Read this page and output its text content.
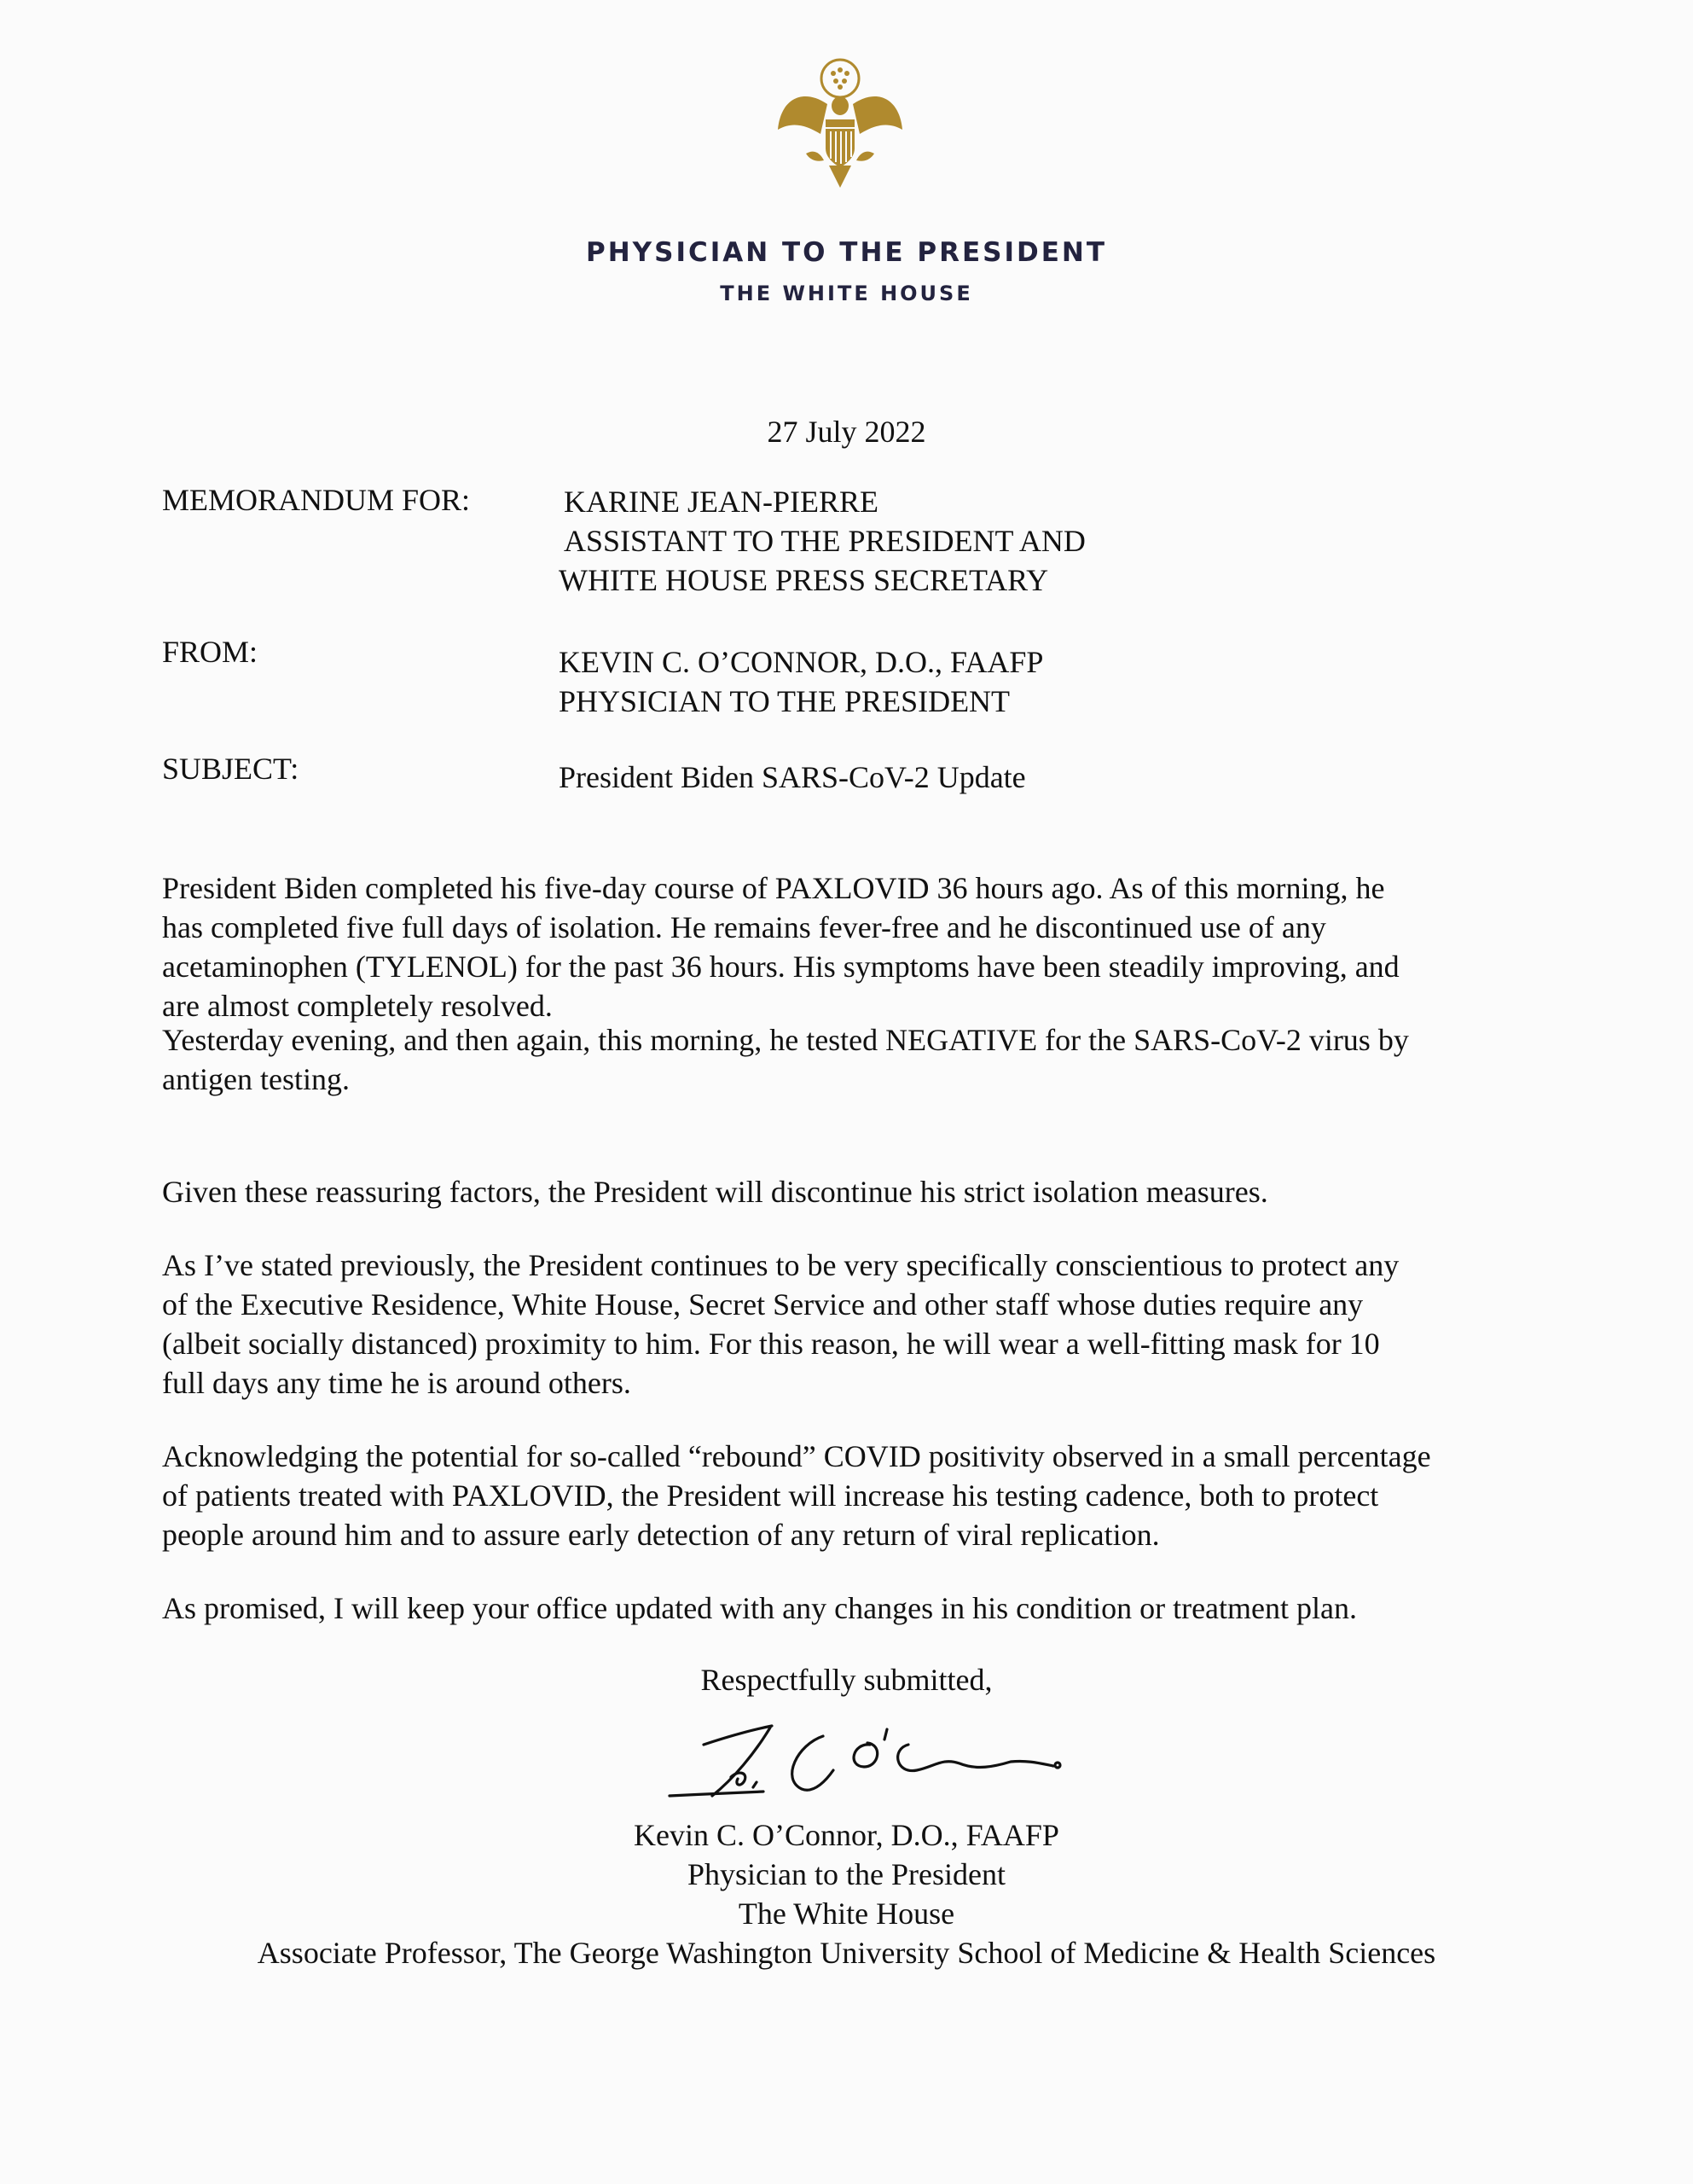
PHYSICIAN TO THE PRESIDENT
THE WHITE HOUSE
27 July 2022
MEMORANDUM FOR:	KARINE JEAN-PIERRE
ASSISTANT TO THE PRESIDENT AND
WHITE HOUSE PRESS SECRETARY
FROM:	KEVIN C. O’CONNOR, D.O., FAAFP
PHYSICIAN TO THE PRESIDENT
SUBJECT:	President Biden SARS-CoV-2 Update
President Biden completed his five-day course of PAXLOVID 36 hours ago. As of this morning, he
has completed five full days of isolation. He remains fever-free and he discontinued use of any
acetaminophen (TYLENOL) for the past 36 hours. His symptoms have been steadily improving, and
are almost completely resolved.
Yesterday evening, and then again, this morning, he tested NEGATIVE for the SARS-CoV-2 virus by
antigen testing.
Given these reassuring factors, the President will discontinue his strict isolation measures.
As I’ve stated previously, the President continues to be very specifically conscientious to protect any
of the Executive Residence, White House, Secret Service and other staff whose duties require any
(albeit socially distanced) proximity to him. For this reason, he will wear a well-fitting mask for 10
full days any time he is around others.
Acknowledging the potential for so-called “rebound” COVID positivity observed in a small percentage
of patients treated with PAXLOVID, the President will increase his testing cadence, both to protect
people around him and to assure early detection of any return of viral replication.
As promised, I will keep your office updated with any changes in his condition or treatment plan.
Respectfully submitted,
Kevin C. O’Connor, D.O., FAAFP
Physician to the President
The White House
Associate Professor, The George Washington University School of Medicine & Health Sciences
